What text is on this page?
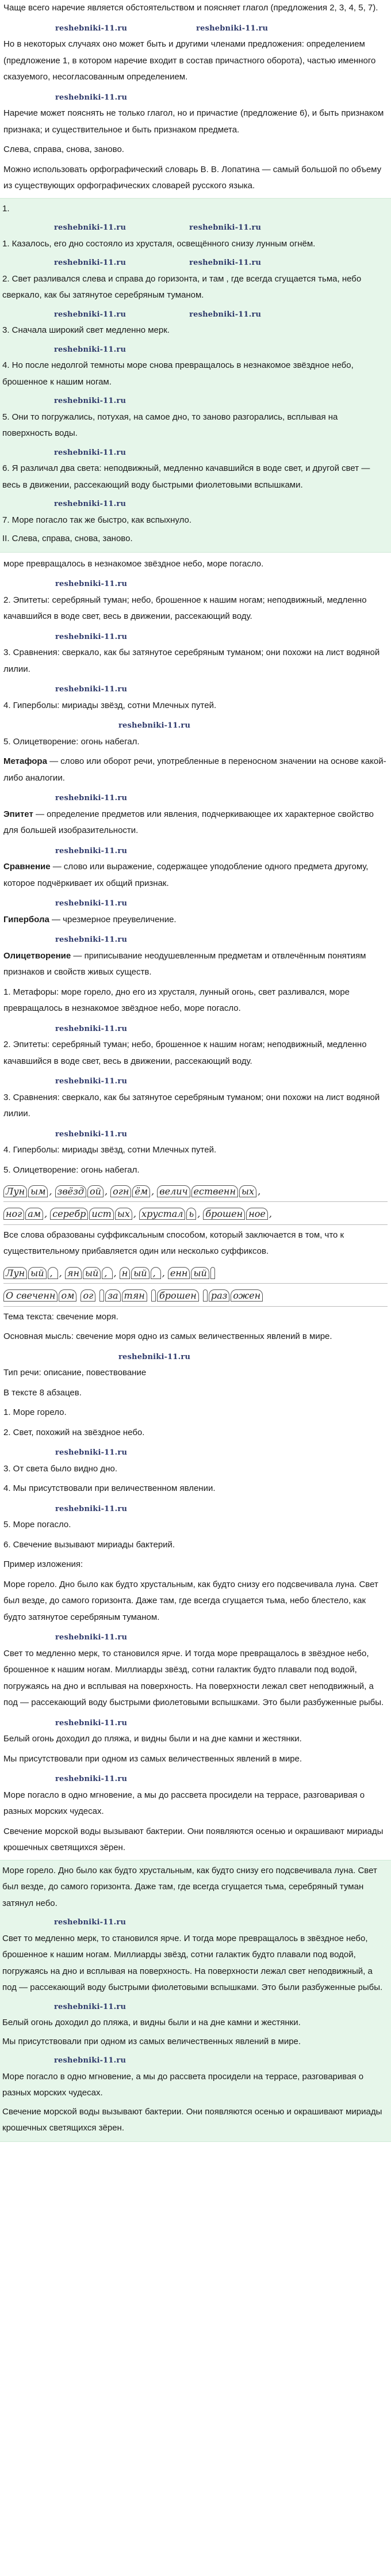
Чаще всего наречие является обстоятельством и поясняет глагол (предложения 2, 3, 4, 5, 7).

reshebniki-11.ru	reshebniki-11.ru

Но в некоторых случаях оно может быть и другими членами предложения: определением (предложение 1, в котором наречие входит в состав причастного оборота), частью именного сказуемого, несогласованным определением.

reshebniki-11.ru

Наречие может пояснять не только глагол, но и причастие (предложение 6), и быть признаком признака; и существительное и быть признаком предмета.

Слева, справа, снова, заново.

Можно использовать орфографический словарь В. В. Лопатина — самый большой по объему из существующих орфографических словарей русского языка.

1.

reshebniki-11.ru	reshebniki-11.ru

1. Казалось, его дно состояло из хрусталя, освещённого снизу лунным огнём.

reshebniki-11.ru	reshebniki-11.ru

2. Свет разливался слева и справа до горизонта, и там , где всегда сгущается тьма, небо сверкало, как бы затянутое серебряным туманом.

reshebniki-11.ru	reshebniki-11.ru

3. Сначала широкий свет медленно мерк.

reshebniki-11.ru

4. Но после недолгой темноты море снова превращалось в незнакомое звёздное небо, брошенное к нашим ногам.

reshebniki-11.ru

5. Они то погружались, потухая, на самое дно, то заново разгорались, всплывая на поверхность воды.

reshebniki-11.ru

6. Я различал два света: неподвижный, медленно качавшийся в воде свет, и другой свет — весь в движении, рассекающий воду быстрыми фиолетовыми вспышками.

reshebniki-11.ru

7. Море погасло так же быстро, как вспыхнуло.

II. Слева, справа, снова, заново.

море превращалось в незнакомое звёздное небо, море погасло.

reshebniki-11.ru

2. Эпитеты: серебряный туман; небо, брошенное к нашим ногам; неподвижный, медленно качавшийся в воде свет, весь в движении, рассекающий воду.

reshebniki-11.ru

3. Сравнения: сверкало, как бы затянутое серебряным туманом; они похожи на лист водяной лилии.

reshebniki-11.ru

4. Гиперболы: мириады звёзд, сотни Млечных путей.

reshebniki-11.ru

5. Олицетворение: огонь набегал.

Метафора — слово или оборот речи, употребленные в переносном значении на основе какой-либо аналогии.

reshebniki-11.ru

Эпитет — определение предметов или явления, подчеркивающее их характерное свойство для большей изобразительности.

reshebniki-11.ru

Сравнение — слово или выражение, содержащее уподобление одного предмета другому, которое подчёркивает их общий признак.

reshebniki-11.ru

Гипербола — чрезмерное преувеличение.

reshebniki-11.ru

Олицетворение — приписывание неодушевленным предметам и отвлечённым понятиям признаков и свойств живых существ.

1. Метафоры: море горело, дно его из хрусталя, лунный огонь, свет разливался, море превращалось в незнакомое звёздное небо, море погасло.

reshebniki-11.ru

2. Эпитеты: серебряный туман; небо, брошенное к нашим ногам; неподвижный, медленно качавшийся в воде свет, весь в движении, рассекающий воду.

reshebniki-11.ru

3. Сравнения: сверкало, как бы затянутое серебряным туманом; они похожи на лист водяной лилии.

reshebniki-11.ru

4. Гиперболы: мириады звёзд, сотни Млечных путей.

5. Олицетворение: огонь набегал.

Лун ым , звёзд ой , огн ём , велич ественн ых ,
ног ам , серебр ист ых , хрустал ь , брошен ное ,

Все слова образованы суффиксальным способом, который заключается в том, что к существительному прибавляется один или несколько суффиксов.

Лун ый , , ян ый , , н ый , , енн ый
О свеченн ом ог за тян брошен раз ожен

Тема текста: свечение моря.

Основная мысль: свечение моря одно из самых величественных явлений в мире.

reshebniki-11.ru

Тип речи: описание, повествование

В тексте 8 абзацев.

1. Море горело.

2. Свет, похожий на звёздное небо.

reshebniki-11.ru

3. От света было видно дно.

4. Мы присутствовали при величественном явлении.

reshebniki-11.ru

5. Море погасло.

6. Свечение вызывают мириады бактерий.

Пример изложения:

Море горело. Дно было как будто хрустальным, как будто снизу его подсвечивала луна. Свет был везде, до самого горизонта. Даже там, где всегда сгущается тьма, небо блестело, как будто затянутое серебряным туманом.

reshebniki-11.ru

Свет то медленно мерк, то становился ярче. И тогда море превращалось в звёздное небо, брошенное к нашим ногам. Миллиарды звёзд, сотни галактик будто плавали под водой, погружаясь на дно и всплывая на поверхность. На поверхности лежал свет неподвижный, а под — рассекающий воду быстрыми фиолетовыми вспышками. Это были разбуженные рыбы.

reshebniki-11.ru

Белый огонь доходил до пляжа, и видны были и на дне камни и жестянки.

Мы присутствовали при одном из самых величественных явлений в мире.

reshebniki-11.ru

Море погасло в одно мгновение, а мы до рассвета просидели на террасе, разговаривая о разных морских чудесах.

Свечение морской воды вызывают бактерии. Они появляются осенью и окрашивают мириады крошечных светящихся зёрен.

Море горело. Дно было как будто хрустальным, как будто снизу его подсвечивала луна. Свет был везде, до самого горизонта. Даже там, где всегда сгущается тьма, серебряный туман затянул небо.

reshebniki-11.ru

Свет то медленно мерк, то становился ярче. И тогда море превращалось в звёздное небо, брошенное к нашим ногам. Миллиарды звёзд, сотни галактик будто плавали под водой, погружаясь на дно и всплывая на поверхность. На поверхности лежал свет неподвижный, а под — рассекающий воду быстрыми фиолетовыми вспышками. Это были разбуженные рыбы.

reshebniki-11.ru

Белый огонь доходил до пляжа, и видны были и на дне камни и жестянки.

Мы присутствовали при одном из самых величественных явлений в мире.

reshebniki-11.ru

Море погасло в одно мгновение, а мы до рассвета просидели на террасе, разговаривая о разных морских чудесах.

Свечение морской воды вызывают бактерии. Они появляются осенью и окрашивают мириады крошечных светящихся зёрен.
